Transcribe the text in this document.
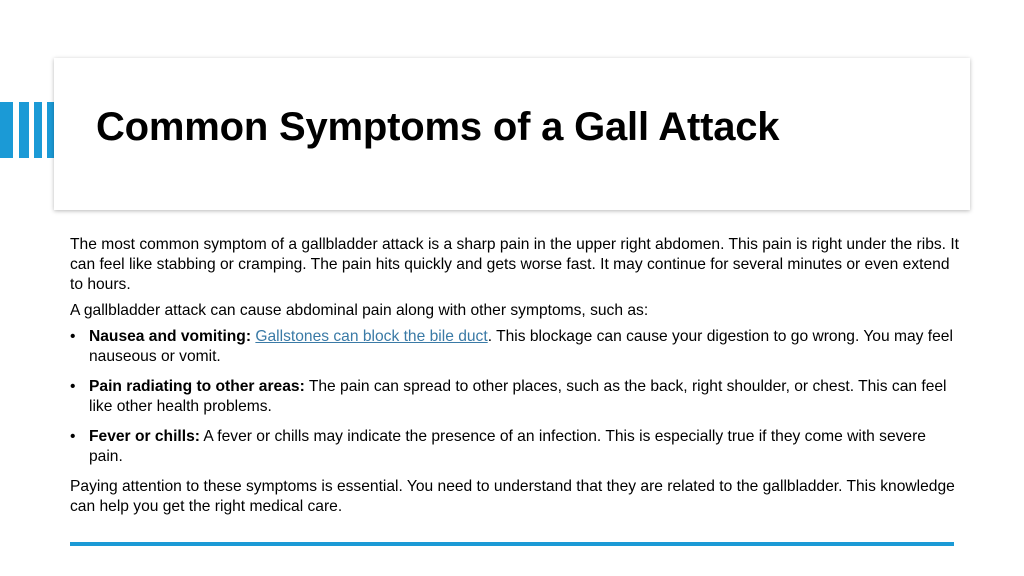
Common Symptoms of a Gall Attack

The most common symptom of a gallbladder attack is a sharp pain in the upper right abdomen. This pain is right under the ribs. It can feel like stabbing or cramping. The pain hits quickly and gets worse fast. It may continue for several minutes or even extend to hours.

A gallbladder attack can cause abdominal pain along with other symptoms, such as:

• Nausea and vomiting: Gallstones can block the bile duct. This blockage can cause your digestion to go wrong. You may feel nauseous or vomit.
• Pain radiating to other areas: The pain can spread to other places, such as the back, right shoulder, or chest. This can feel like other health problems.
• Fever or chills: A fever or chills may indicate the presence of an infection. This is especially true if they come with severe pain.

Paying attention to these symptoms is essential. You need to understand that they are related to the gallbladder. This knowledge can help you get the right medical care.
